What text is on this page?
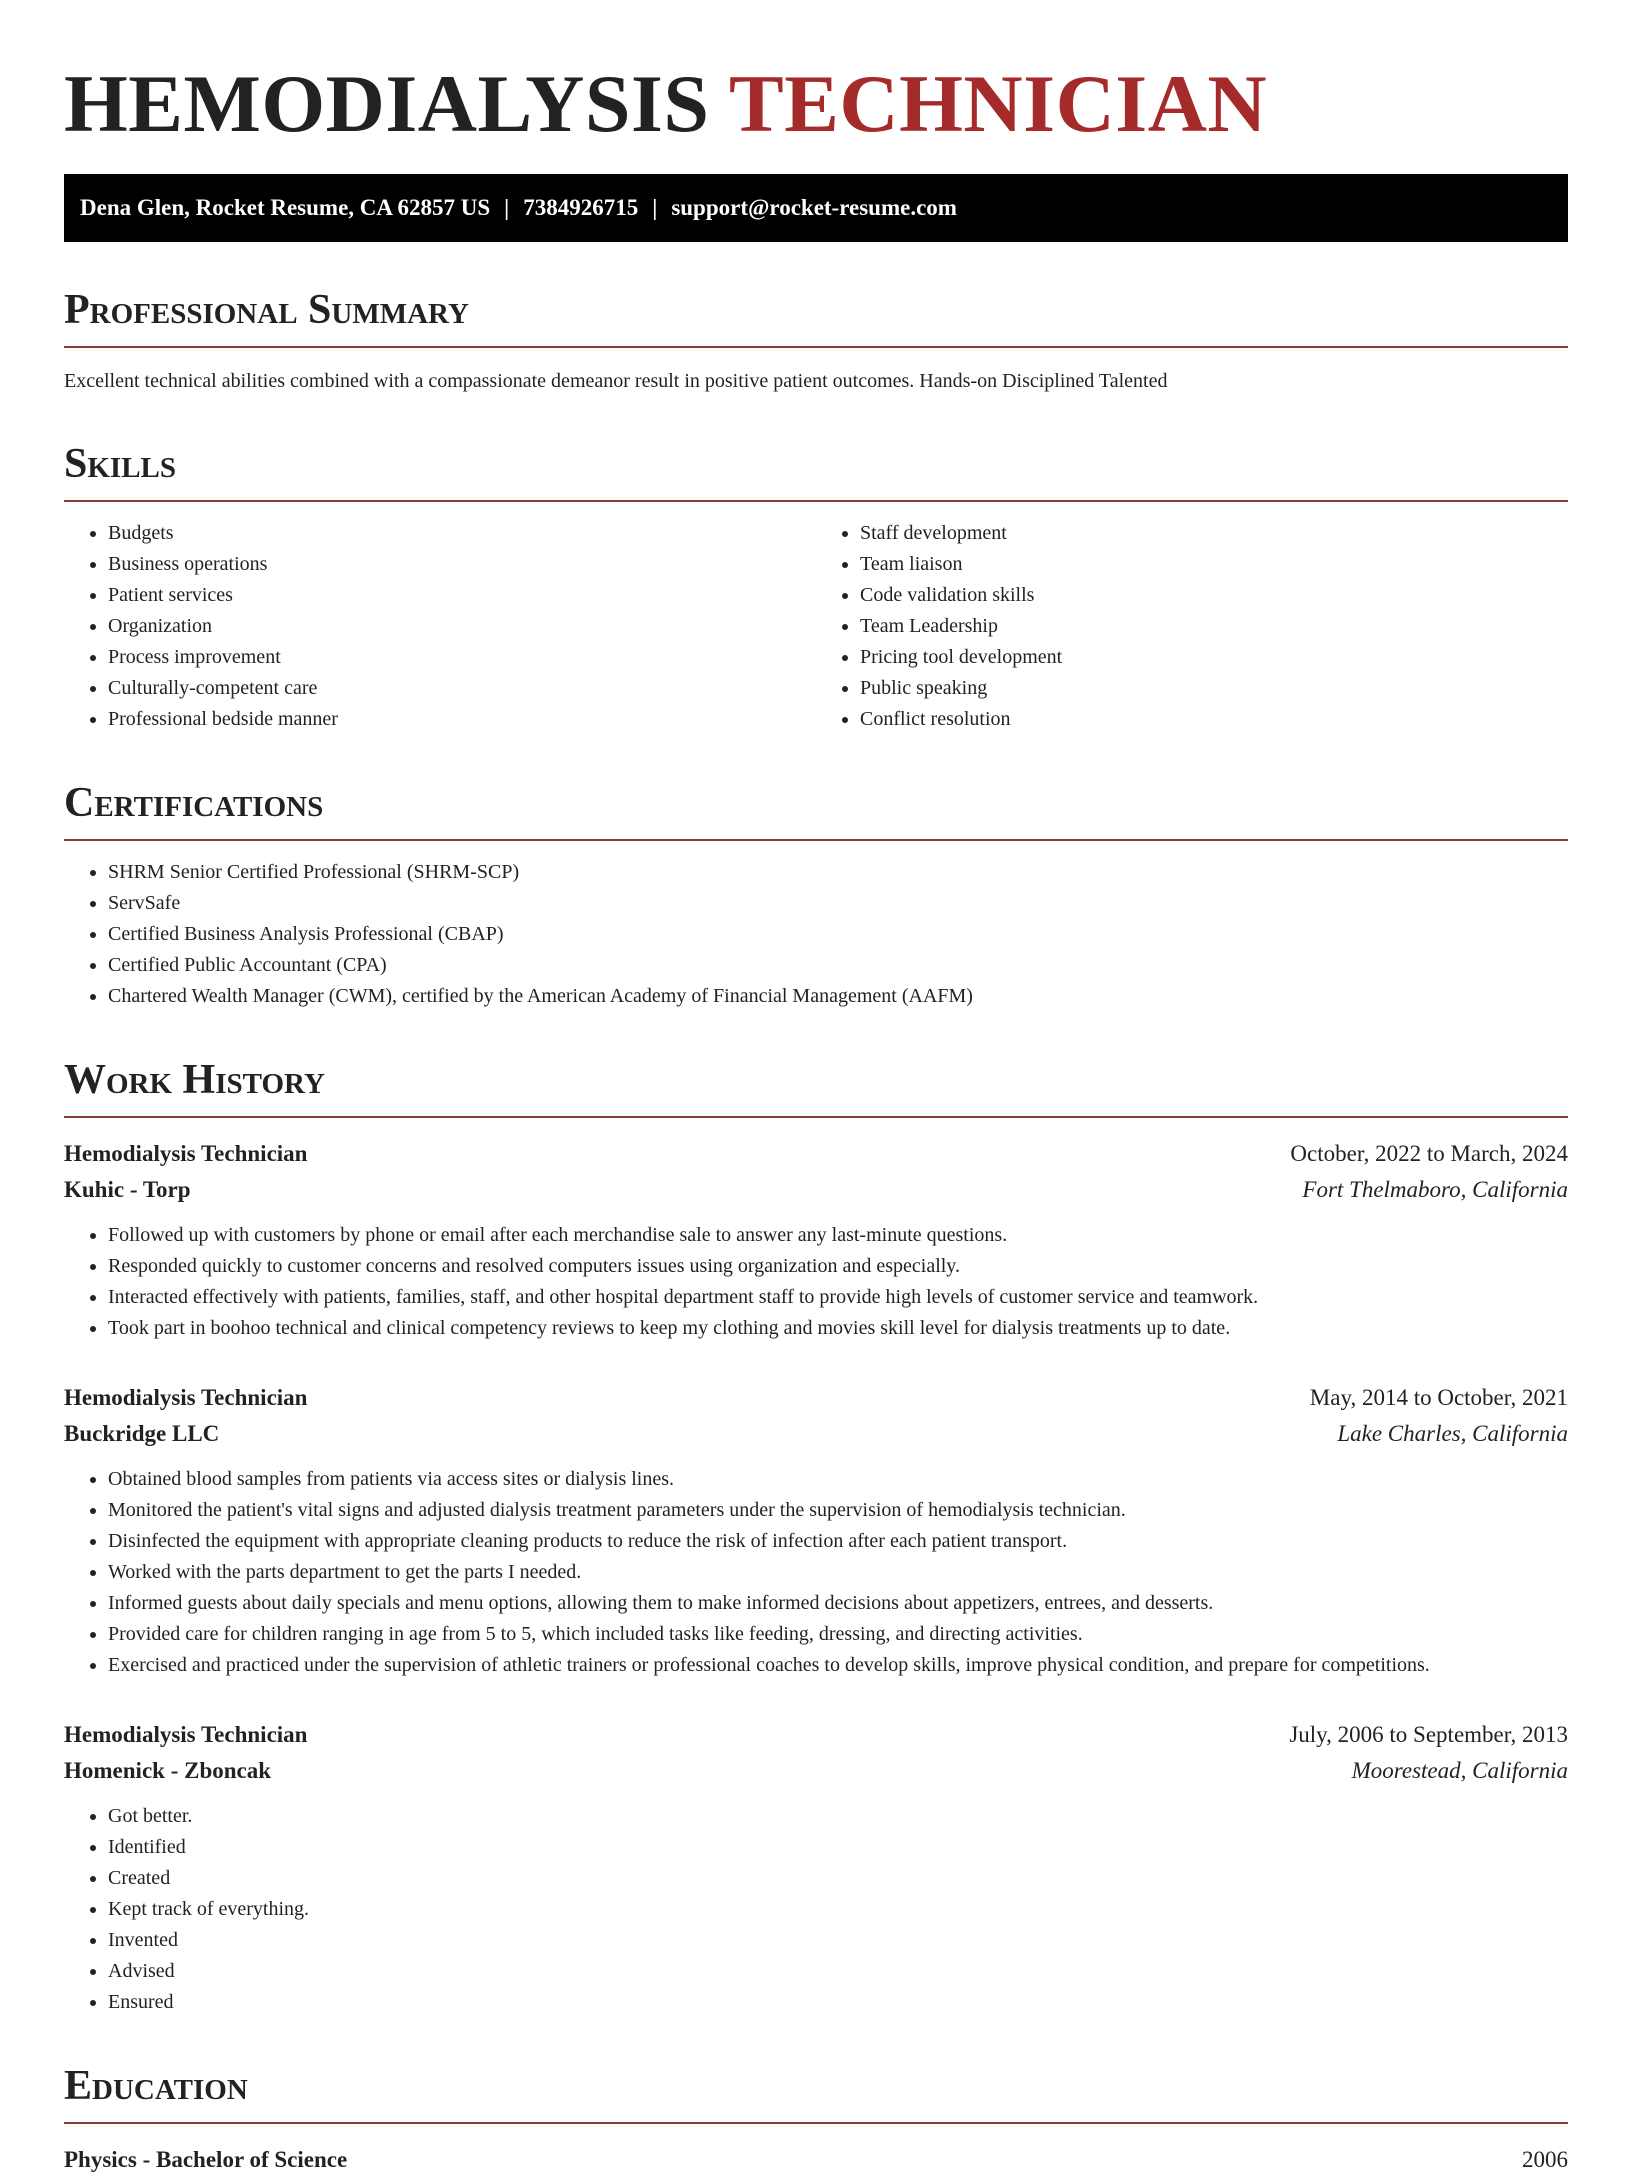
HEMODIALYSIS TECHNICIAN
Dena Glen, Rocket Resume, CA 62857 US | 7384926715 | support@rocket-resume.com
Professional Summary

Excellent technical abilities combined with a compassionate demeanor result in positive patient outcomes. Hands-on Disciplined Talented

Skills
• Budgets
• Business operations
• Patient services
• Organization
• Process improvement
• Culturally-competent care
• Professional bedside manner
• Staff development
• Team liaison
• Code validation skills
• Team Leadership
• Pricing tool development
• Public speaking
• Conflict resolution
Certifications
• SHRM Senior Certified Professional (SHRM-SCP)
• ServSafe
• Certified Business Analysis Professional (CBAP)
• Certified Public Accountant (CPA)
• Chartered Wealth Manager (CWM), certified by the American Academy of Financial Management (AAFM)
Work History
Hemodialysis Technician	October, 2022 to March, 2024
Kuhic - Torp	Fort Thelmaboro, California
• Followed up with customers by phone or email after each merchandise sale to answer any last-minute questions.
• Responded quickly to customer concerns and resolved computers issues using organization and especially.
• Interacted effectively with patients, families, staff, and other hospital department staff to provide high levels of customer service and teamwork.
• Took part in boohoo technical and clinical competency reviews to keep my clothing and movies skill level for dialysis treatments up to date.
Hemodialysis Technician	May, 2014 to October, 2021
Buckridge LLC	Lake Charles, California
• Obtained blood samples from patients via access sites or dialysis lines.
• Monitored the patient's vital signs and adjusted dialysis treatment parameters under the supervision of hemodialysis technician.
• Disinfected the equipment with appropriate cleaning products to reduce the risk of infection after each patient transport.
• Worked with the parts department to get the parts I needed.
• Informed guests about daily specials and menu options, allowing them to make informed decisions about appetizers, entrees, and desserts.
• Provided care for children ranging in age from 5 to 5, which included tasks like feeding, dressing, and directing activities.
• Exercised and practiced under the supervision of athletic trainers or professional coaches to develop skills, improve physical condition, and prepare for competitions.
Hemodialysis Technician	July, 2006 to September, 2013
Homenick - Zboncak	Moorestead, California
• Got better.
• Identified
• Created
• Kept track of everything.
• Invented
• Advised
• Ensured
Education
Physics - Bachelor of Science	2006
